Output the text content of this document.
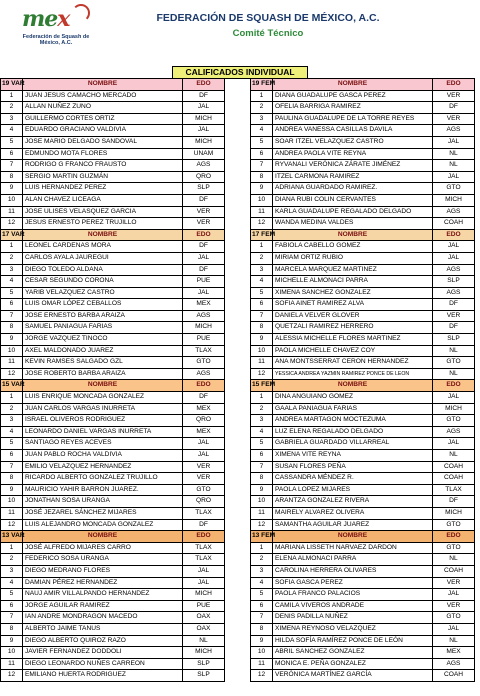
mex
Federación de Squash de México, A.C.
FEDERACIÓN DE SQUASH DE MÉXICO, A.C.
Comité Técnico
CALIFICADOS INDIVIDUAL
19 VAR	NOMBRE	EDO
1	JUAN JESUS CAMACHO MERCADO	DF
2	ALLAN NUÑEZ ZUNO	JAL
3	GUILLERMO CORTES ORTIZ	MICH
4	EDUARDO GRACIANO VALDIVIA	JAL
5	JOSE MARIO DELGADO SANDOVAL	MICH
6	EDMUNDO MOTA FLORES	UNAM
7	RODRIGO G FRANCO FRAUSTO	AGS
8	SERGIO MARTIN GUZMÁN	QRO
9	LUIS HERNANDEZ PEREZ	SLP
10	ALAN CHAVEZ LICEAGA	DF
11	JOSE ULISES VELASQUEZ GARCIA	VER
12	JESUS ERNESTO PEREZ TRUJILLO	VER
17 VAR	NOMBRE	EDO
1	LEONEL CARDENAS MORA	DF
2	CARLOS AYALA JAUREGUI	JAL
3	DIEGO TOLEDO ALDANA	DF
4	CESAR SEGUNDO CORONA	PUE
5	YARIB VELAZQUEZ CASTRO	JAL
6	LUIS OMAR LÓPEZ CEBALLOS	MEX
7	JOSE ERNESTO BARBA ARAIZA	AGS
8	SAMUEL PANIAGUA FARIAS	MICH
9	JORGE VAZQUEZ TINOCO	PUE
10	AXEL MALDONADO JUAREZ	TLAX
11	KEVIN RAMSES SALGADO GZL	GTO
12	JOSE ROBERTO BARBA ARAIZA	AGS
15 VAR	NOMBRE	EDO
1	LUIS ENRIQUE MONCADA GONZALEZ	DF
2	JUAN CARLOS VARGAS INURRETA	MEX
3	ISRAEL OLIVEROS RODRIGUEZ	QRO
4	LEONARDO DANIEL VARGAS INURRETA	MEX
5	SANTIAGO REYES ACEVES	JAL
6	JUAN PABLO ROCHA VALDIVIA	JAL
7	EMILIO VELAZQUEZ HERNANDEZ	VER
8	RICARDO ALBERTO GONZALEZ TRUJILLO	VER
9	MAURICIO YAHIR BARRON JUAREZ.	GTO
10	JONATHAN SOSA URANGA	QRO
11	JOSÉ JEZAREL SÁNCHEZ MIJARES	TLAX
12	LUIS ALEJANDRO MONCADA GONZALEZ	DF
13 VAR	NOMBRE	EDO
1	JOSÉ ALFREDO MIJARES CARRO	TLAX
2	FEDERICO SOSA URANGA	TLAX
3	DIEGO MEDRANO FLORES	JAL
4	DAMIAN PÉREZ HERNANDEZ	JAL
5	NAUJ AMIR VILLALPANDO HERNANDEZ	MICH
6	JORGE AGUILAR RAMIREZ	PUE
7	IAN ANDRE MONDRAGON MACEDO	OAX
8	ALBERTO JAIME TANUS	OAX
9	DIEGO ALBERTO QUIROZ RAZO	NL
10	JAVIER FERNANDEZ DODDOLI	MICH
11	DIEGO LEONARDO NUÑES CARREON	SLP
12	EMILIANO HUERTA RODRIGUEZ	SLP
19 FEM	NOMBRE	EDO
1	DIANA GUADALUPE GASCA PEREZ	VER
2	OFELIA BARRIGA RAMIREZ	DF
3	PAULINA GUADALUPE DE LA TORRE REYES	VER
4	ANDREA VANESSA CASILLAS DAVILA	AGS
5	SOAR ITZEL VELAZQUEZ CASTRO	JAL
6	ANDREA PAOLA VITE REYNA	NL
7	RYVANALI VERÓNICA ZÁRATE JIMÉNEZ	NL
8	ITZEL CARMONA RAMIREZ	JAL
9	ADRIANA GUARDADO RAMIREZ.	GTO
10	DIANA RUBI COLIN CERVANTES	MICH
11	KARLA GUADALUPE REGALADO DELGADO	AGS
12	WANDA MEDINA VALDES	COAH
17 FEM	NOMBRE	EDO
1	FABIOLA CABELLO GOMEZ	JAL
2	MIRIAM ORTIZ RUBIO	JAL
3	MARCELA MARQUEZ MARTINEZ	AGS
4	MICHELLE ALMONACI PARRA	SLP
5	XIMENA SANCHEZ GONZALEZ	AGS
6	SOFIA AINET RAMIREZ ALVA	DF
7	DANIELA VELVER GLOVER	VER
8	QUETZALI RAMIREZ HERRERO	DF
9	ALESSIA MICHELLE FLORES MARTINEZ	SLP
10	PAOLA MICHELLE CHAVEZ COY	NL
11	ANA MONTSSERRAT CERON HERNANDEZ	GTO
12	YESSICA ANDREA YAZMIN RAMIREZ PONCE DE LEON	NL
15 FEM	NOMBRE	EDO
1	DINA ANGUIANO GOMEZ	JAL
2	GAALA PANIAGUA FARIAS	MICH
3	ANDREA MARTAGON MOCTEZUMA	GTO
4	LUZ ELENA REGALADO DELGADO	AGS
5	GABRIELA GUARDADO VILLARREAL	JAL
6	XIMENA VITE REYNA	NL
7	SUSAN FLORES PEÑA	COAH
8	CASSANDRA MÉNDEZ R.	COAH
9	PAOLA LOPEZ MIJARES	TLAX
10	ARANTZA GONZALEZ RIVERA	DF
11	MAIRELY ALVAREZ OLIVERA	MICH
12	SAMANTHA AGUILAR JUAREZ	GTO
13 FEM	NOMBRE	EDO
1	MARIANA LISSETH NARVAEZ DARDON	GTO
2	ELENA ALMONACI PARRA	NL
3	CAROLINA HERRERA OLIVARES	COAH
4	SOFIA GASCA PEREZ	VER
5	PAOLA FRANCO PALACIOS	JAL
6	CAMILA VIVEROS ANDRADE	VER
7	DENIS PADILLA NUÑEZ	GTO
8	XIMENA REYNOSO VELAZQUEZ	JAL
9	HILDA SOFÍA RAMÍREZ PONCE DE LEÓN	NL
10	ABRIL SANCHEZ GONZALEZ	MEX
11	MONICA E. PEÑA GONZALEZ	AGS
12	VERÓNICA MARTÍNEZ GARCÍA	COAH
